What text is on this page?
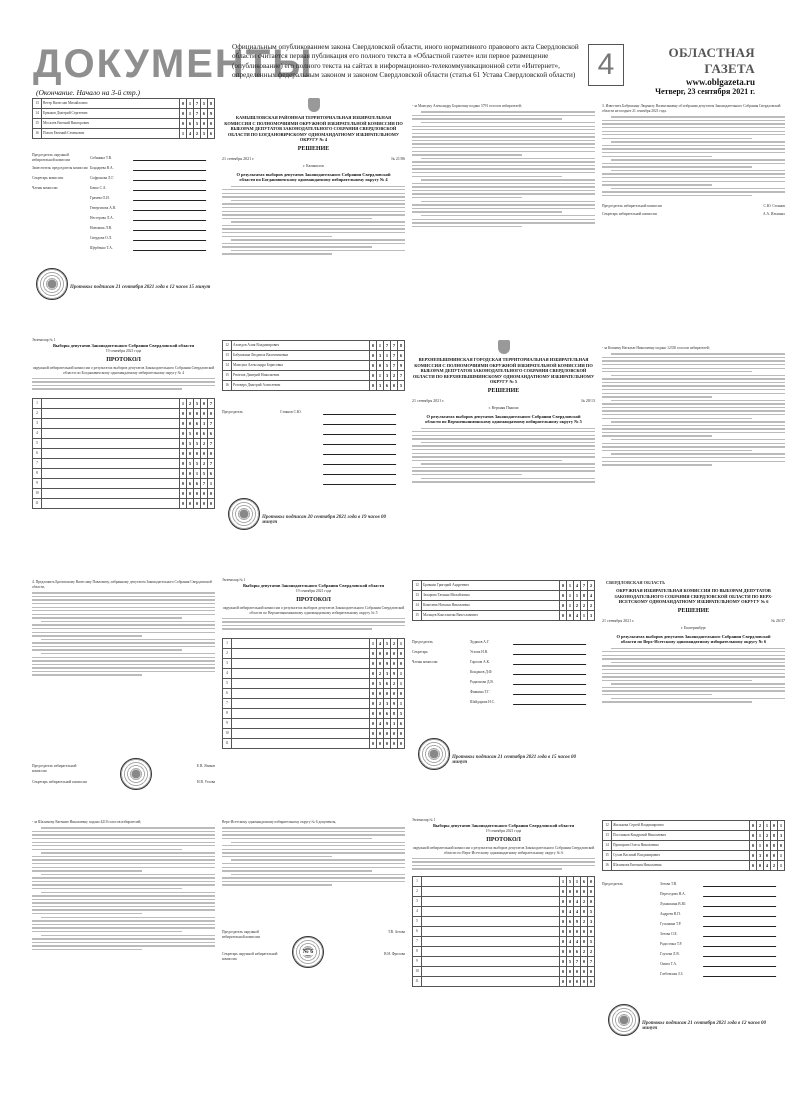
ДОКУМЕНТЫ
Официальным опубликованием закона Свердловской области, иного нормативного правового акта Свердловской области считается первая публикация его полного текста в «Областной газете» или первое размещение (опубликование) его полного текста на сайтах в информационно-телекоммуникационной сети «Интернет», определенных федеральным законом и законом Свердловской области (статья 61 Устава Свердловской области) 4	ОБЛАСТНАЯ ГАЗЕТА
www.oblgazeta.ru
Четверг, 23 сентября 2021 г.
(Окончание. Начало на 3-й стр.)
13	Ветер Вячеслав Михайлович	0	1	7	5	8
14	Ермаков Дмитрий Сергеевич	0	1	7	6	9
15	Мосалев Евгений Викторович	0	6	5	0	0
16	Попов Евгений Семенович	1	4	2	5	6
Председатель окружной избирательной комиссии
Собянина Т.В.
Заместитель председателя комиссии Бондарева В.А.
Секретарь комиссии	Софронова Л.Г.
Члены комиссии	Бачко С.А.
Грачева О.И.
Гевергизова А.В.
Нестерова Л.А.
Новокова Л.В.
Свердова О.Л.
Щербенко Т.А.
Протокол подписан 21 сентября 2021 года в 12 часов 15 минут
КАМЫШЛОВСКАЯ РАЙОННАЯ ТЕРРИТОРИАЛЬНАЯ ИЗБИРАТЕЛЬНАЯ КОМИССИЯ С ПОЛНОМОЧИЯМИ ОКРУЖНОЙ ИЗБИРАТЕЛЬНОЙ КОМИССИИ ПО ВЫБОРАМ ДЕПУТАТОВ ЗАКОНОДАТЕЛЬНОГО СОБРАНИЯ СВЕРДЛОВСКОЙ ОБЛАСТИ ПО БОГДАНОВИЧСКОМУ ОДНОМАНДАТНОМУ ИЗБИРАТЕЛЬНОМУ ОКРУГУ № 4
РЕШЕНИЕ
21 сентября 2021 г.	№ 21/86
г. Камышлов
О результатах выборов депутатов Законодательного Собрания Свердловской области по Богдановичскому одномандатному избирательному округу № 4
- за Мамсуну Александру Борисовну подано 5791 голосов избирателей;	3. Известить Бабушкину Людмилу Валентиновну об избрании депутатом Законодательного Собрания Свердловской области не позднее 21 сентября 2021 года.
Председатель избирательной комиссии	С.Ю. Стоянов
Секретарь избирательной комиссии	А.А. Ильиных
Экземпляр № 1
Выборы депутатов Законодательного Собрания Свердловской области
19 сентября 2021 года
ПРОТОКОЛ
окружной избирательной комиссии о результатах выборов депутатов Законодательного Собрания Свердловской области по Богдановичскому одномандатному избирательному округу № 4
1		1	2	5	0	7
2		0	0	0	0	0
3		0	0	6	3	7
4		0	5	0	6	6
5		0	5	5	2	7
6		0	0	0	0	0
7		0	5	5	2	7
8		0	0	1	5	6
9		0	6	6	7	1
10		0	0	0	0	0
11		0	0	0	0	0
12	Ахмедов Алик Владимирович	0	1	7	7	8
13	Бабушкина Людмила Валентиновна	0	3	1	7	6
14	Мамсуна Александра Борисовна	0	0	5	7	9
15	Ремезов Дмитрий Николаевич	0	1	3	2	7
16	Роговерх Дмитрий Алексеевич	0	3	6	0	5
Председатель	Стоянов С.Ю.
Протокол подписан 20 сентября 2021 года в 19 часов 00 минут
ВЕРХНЕПЫШМИНСКАЯ ГОРОДСКАЯ ТЕРРИТОРИАЛЬНАЯ ИЗБИРАТЕЛЬНАЯ КОМИССИЯ С ПОЛНОМОЧИЯМИ ОКРУЖНОЙ ИЗБИРАТЕЛЬНОЙ КОМИССИИ ПО ВЫБОРАМ ДЕПУТАТОВ ЗАКОНОДАТЕЛЬНОГО СОБРАНИЯ СВЕРДЛОВСКОЙ ОБЛАСТИ ПО ВЕРХНЕПЫШМИНСКОМУ ОДНОМАНДАТНОМУ ИЗБИРАТЕЛЬНОМУ ОКРУГУ № 5
РЕШЕНИЕ
21 сентября 2021 г.	№ 28/13
г. Верхняя Пышма
О результатах выборов депутатов Законодательного Собрания Свердловской области по Верхнепышминскому одномандатному избирательному округу № 5
- за Кошмму Наталью Николаевну подано 12330 голосов избирателей;
4. Предложить Брозовскому Вячеславу Павловичу, избранному депутатом Законодательного Собрания Свердловской области,
Председатель избирательной комиссии
Е.В. Язиков
Секретарь избирательной комиссии	Н.В. Углова
Экземпляр № 1
Выборы депутатов Законодательного Собрания Свердловской области
19 сентября 2021 года
ПРОТОКОЛ
окружной избирательной комиссии о результатах выборов депутатов Законодательного Собрания Свердловской области по Верхнепышминскому одномандатному избирательному округу № 5
1		1	4	5	2	1
2		0	0	0	0	0
3		0	0	9	0	0
4		0	2	3	9	1
5		0	5	6	2	1
6		0	0	0	0	0
7		0	2	3	9	1
8		0	0	6	8	5
9		0	4	9	3	6
10		0	0	0	0	0
11		0	0	0	0	0
12	Бровкин Григорий Андреевич	0	1	4	7	2
13	Захарова Татьяна Михайловна	0	1	1	8	4
14	Комелева Наталья Николаевна	0	1	2	2	2
15	Мальцев Константин Вячеславович	0	0	4	1	3
Председатель	Худяков А.Г.
Секретарь	Углова Н.В.
Члены комиссии	Горохов А.К.
Кондаков Д.Ф.
Родионова Д.В.
Фиякина Т.Г.
Шайдарова Н.С.
Протокол подписан 21 сентября 2021 года в 15 часов 00 минут
СВЕРДЛОВСКАЯ ОБЛАСТЬ
ОКРУЖНАЯ ИЗБИРАТЕЛЬНАЯ КОМИССИЯ ПО ВЫБОРАМ ДЕПУТАТОВ ЗАКОНОДАТЕЛЬНОГО СОБРАНИЯ СВЕРДЛОВСКОЙ ОБЛАСТИ ПО ВЕРХ-ИСЕТСКОМУ ОДНОМАНДАТНОМУ ИЗБИРАТЕЛЬНОМУ ОКРУГУ № 6
РЕШЕНИЕ
21 сентября 2021 г.	№ 26/37
г. Екатеринбург
О результатах выборов депутатов Законодательного Собрания Свердловской области по Верх-Исетскому одномандатному избирательному округу № 6
- за Шалимову Евгению Николаевну подано 4210 голосов избирателей;	Верх-Исетскому одномандатному избирательному округу № 6 документы,
№ 6
Председатель окружной избирательной комиссии
Т.В. Зотова
Секретарь окружной избирательной комиссии
В.Н. Фролова
Экземпляр № 1
Выборы депутатов Законодательного Собрания Свердловской области
19 сентября 2021 года
ПРОТОКОЛ
окружной избирательной комиссии о результатах выборов депутатов Законодательного Собрания Свердловской области по Верх-Исетскому одномандатному избирательному округу № 6
1		1	5	1	6	0
2		0	0	0	0	0
3		0	0	4	2	0
4		0	4	4	0	5
5		0	6	9	2	3
6		0	0	0	0	0
7		0	4	4	0	5
8		0	0	6	2	2
9		0	5	7	0	7
10		0	0	0	0	0
11		0	0	0	0	0
12	Жилькова Сергей Владимирович	0	2	1	0	1
13	Постников Кондратий Николаевич	0	1	2	8	3
14	Проворова Олеся Николаевна	0	1	0	8	0
15	Сухов Василий Владимирович	0	3	0	0	1
16	Шалимова Евгения Николаевна	0	0	4	2	1
Председатель	Зотова Т.В.
Переседова Н.А.
Лукашкина В.Ю.
Андреев В.П.
Гусынина Т.Р.
Зотова О.Е.
Радостина Т.Р.
Глухова Л.В.
Омига Т.А.
Глебовская З.З.
Протокол подписан 21 сентября 2021 года в 12 часов 00 минут
